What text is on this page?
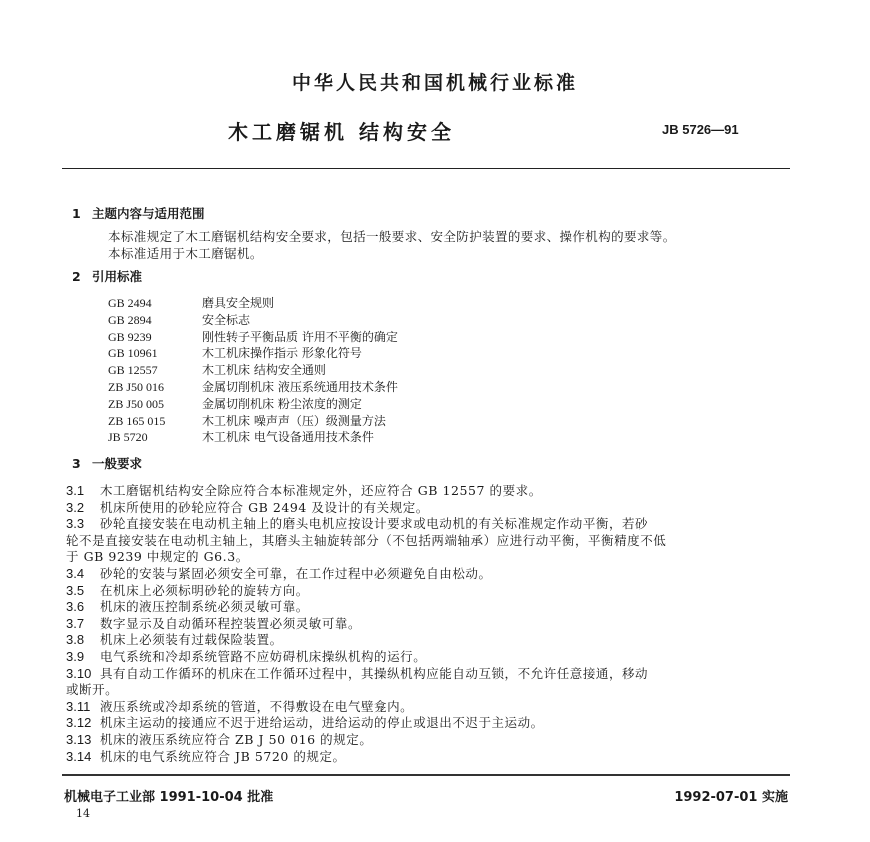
中华人民共和国机械行业标准
木工磨锯机 结构安全	JB 5726—91
1 主题内容与适用范围
本标准规定了木工磨锯机结构安全要求，包括一般要求、安全防护装置的要求、操作机构的要求等。
本标准适用于木工磨锯机。
2 引用标准
GB 2494	磨具安全规则
GB 2894	安全标志
GB 9239	刚性转子平衡品质 许用不平衡的确定
GB 10961	木工机床操作指示 形象化符号
GB 12557	木工机床 结构安全通则
ZB J50 016	金属切削机床 液压系统通用技术条件
ZB J50 005	金属切削机床 粉尘浓度的测定
ZB 165 015	木工机床 噪声声（压）级测量方法
JB 5720	木工机床 电气设备通用技术条件
3 一般要求
3.1 木工磨锯机结构安全除应符合本标准规定外，还应符合 GB 12557 的要求。
3.2 机床所使用的砂轮应符合 GB 2494 及设计的有关规定。
3.3 砂轮直接安装在电动机主轴上的磨头电机应按设计要求或电动机的有关标准规定作动平衡，若砂
轮不是直接安装在电动机主轴上，其磨头主轴旋转部分（不包括两端轴承）应进行动平衡，平衡精度不低
于 GB 9239 中规定的 G6.3。
3.4 砂轮的安装与紧固必须安全可靠，在工作过程中必须避免自由松动。
3.5 在机床上必须标明砂轮的旋转方向。
3.6 机床的液压控制系统必须灵敏可靠。
3.7 数字显示及自动循环程控装置必须灵敏可靠。
3.8 机床上必须装有过载保险装置。
3.9 电气系统和冷却系统管路不应妨碍机床操纵机构的运行。
3.10 具有自动工作循环的机床在工作循环过程中，其操纵机构应能自动互锁，不允许任意接通，移动
或断开。
3.11 液压系统或冷却系统的管道，不得敷设在电气壁龛内。
3.12 机床主运动的接通应不迟于进给运动，进给运动的停止或退出不迟于主运动。
3.13 机床的液压系统应符合 ZB J 50 016 的规定。
3.14 机床的电气系统应符合 JB 5720 的规定。
机械电子工业部 1991-10-04 批准	1992-07-01 实施
14
